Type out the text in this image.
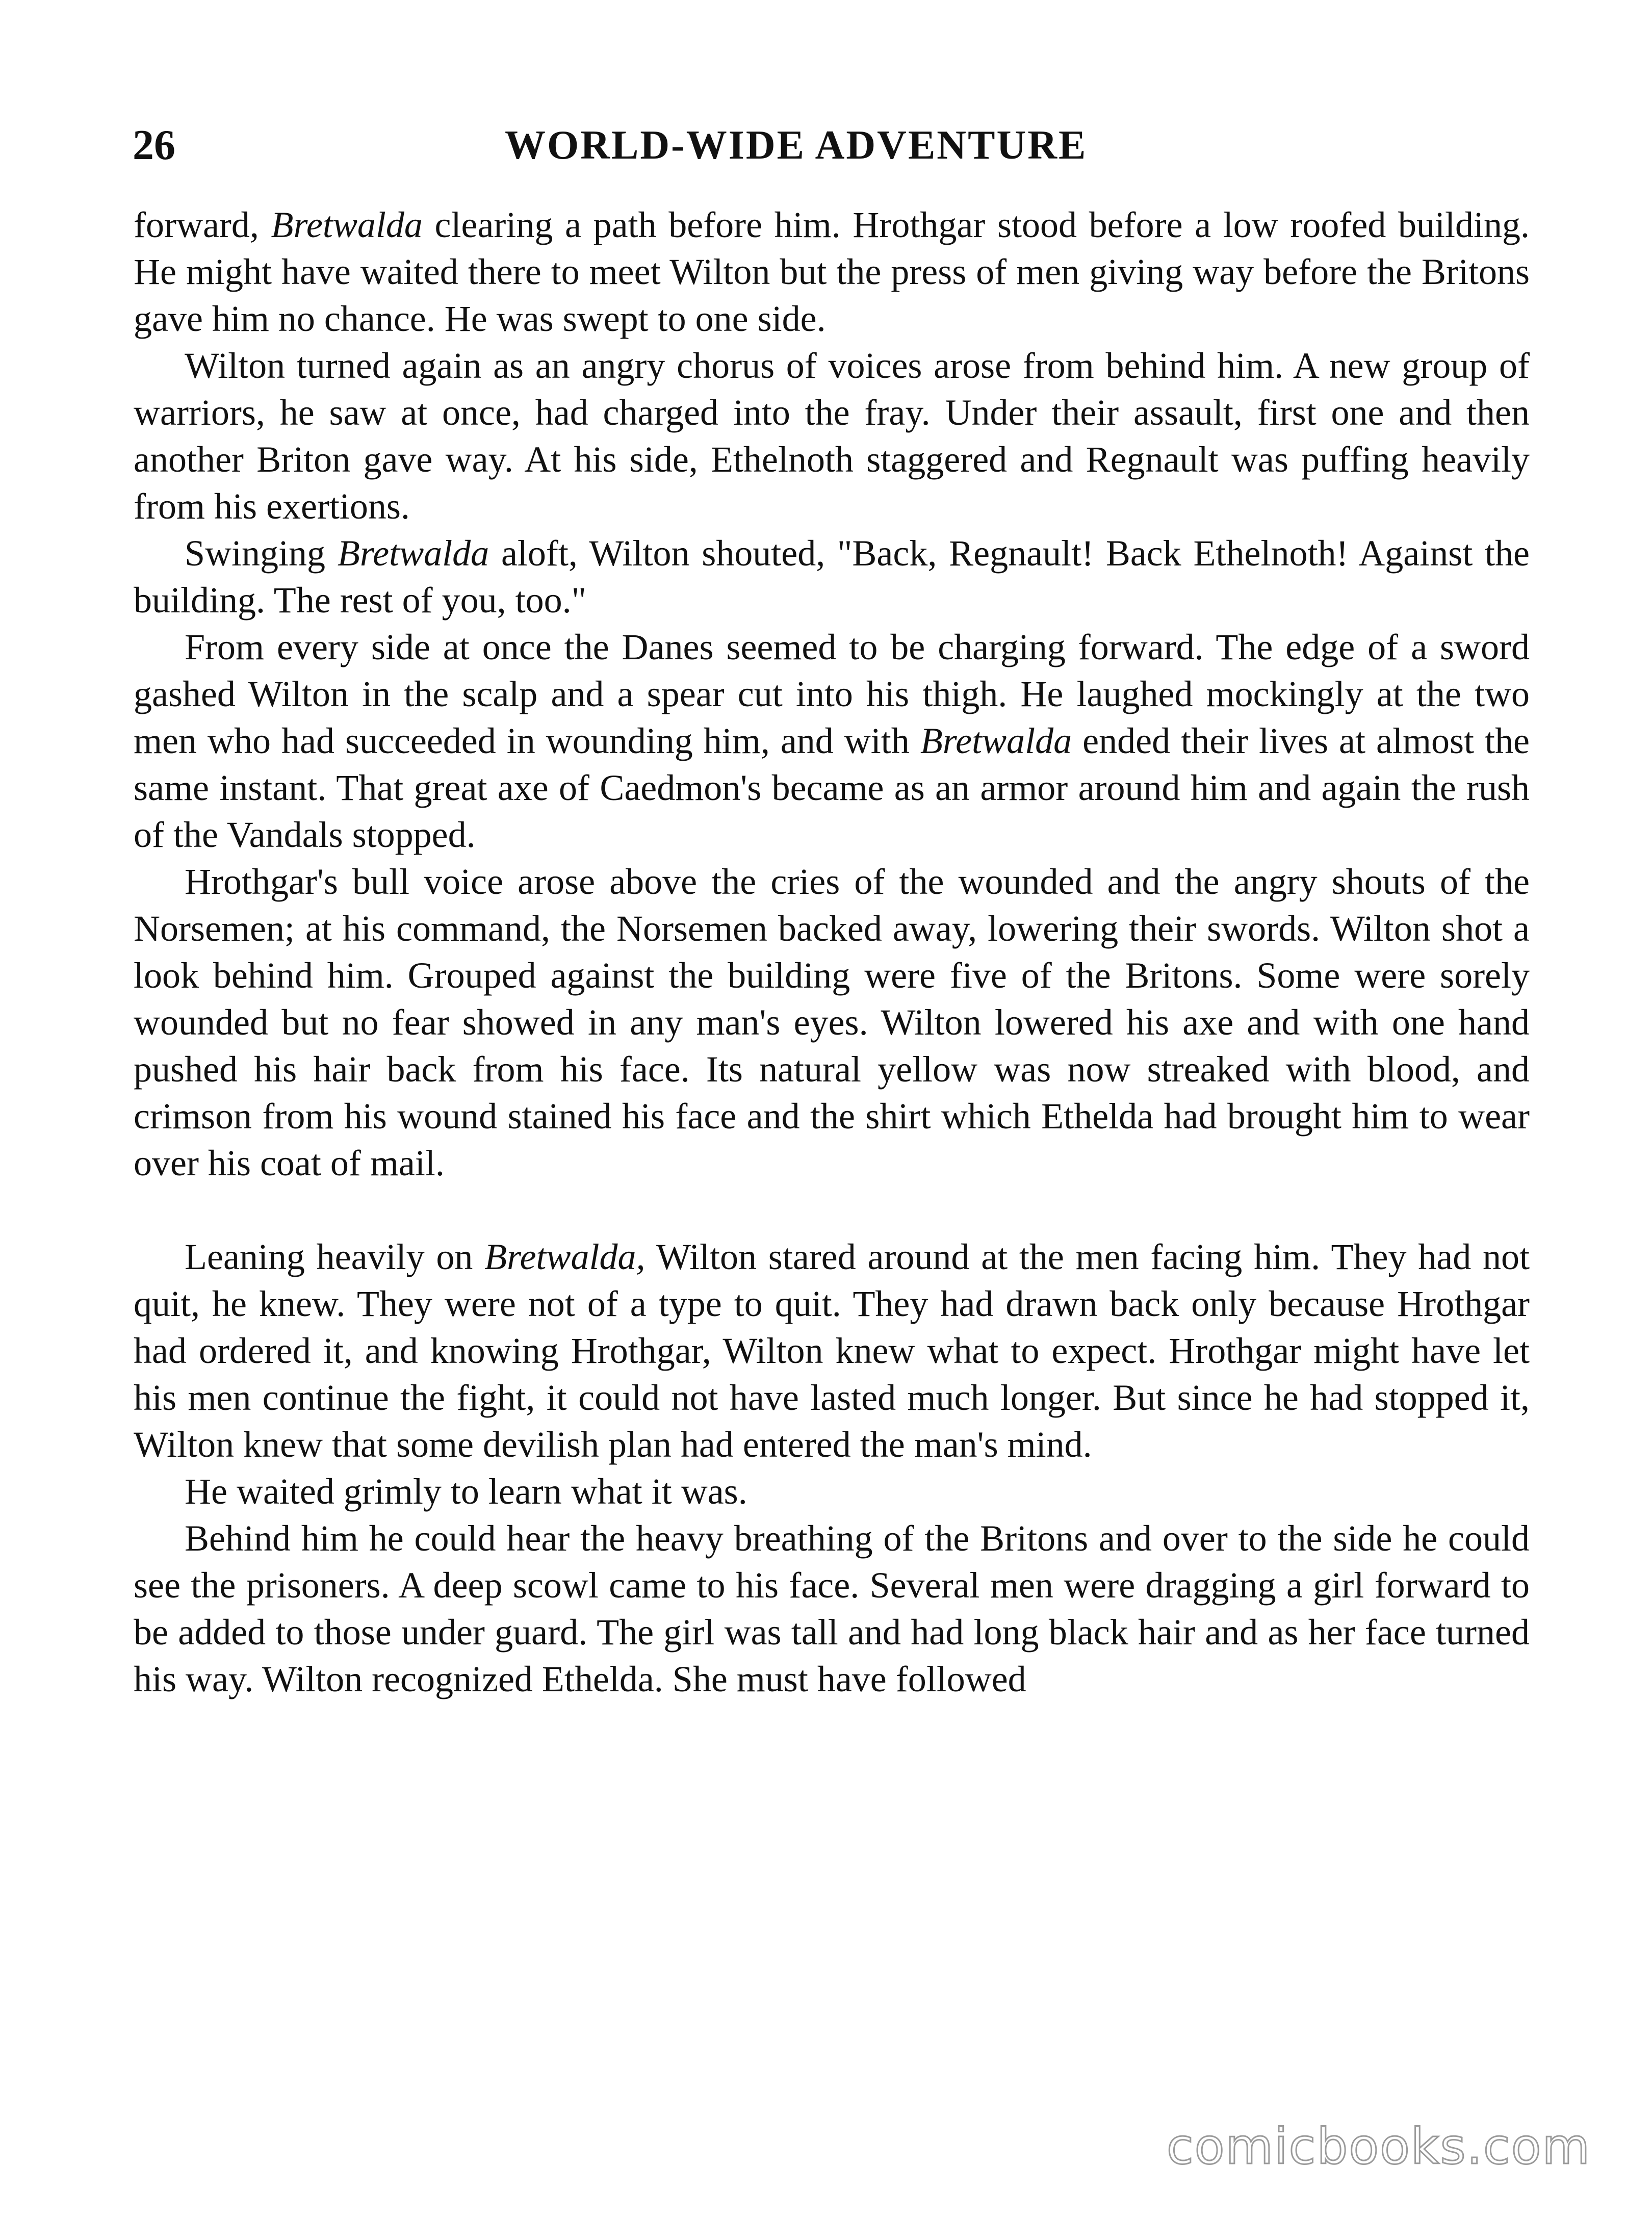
26	WORLD-WIDE ADVENTURE

forward, Bretwalda clearing a path before him. Hrothgar stood before a low roofed building. He might have waited there to meet Wilton but the press of men giving way before the Britons gave him no chance. He was swept to one side.

Wilton turned again as an angry chorus of voices arose from behind him. A new group of warriors, he saw at once, had charged into the fray. Under their assault, first one and then another Briton gave way. At his side, Ethelnoth staggered and Regnault was puffing heavily from his exertions.

Swinging Bretwalda aloft, Wilton shouted, "Back, Regnault! Back Ethelnoth! Against the building. The rest of you, too."

From every side at once the Danes seemed to be charging forward. The edge of a sword gashed Wilton in the scalp and a spear cut into his thigh. He laughed mockingly at the two men who had succeeded in wounding him, and with Bretwalda ended their lives at almost the same instant. That great axe of Caedmon's became as an armor around him and again the rush of the Vandals stopped.

Hrothgar's bull voice arose above the cries of the wounded and the angry shouts of the Norsemen; at his command, the Norsemen backed away, lowering their swords. Wilton shot a look behind him. Grouped against the building were five of the Britons. Some were sorely wounded but no fear showed in any man's eyes. Wilton lowered his axe and with one hand pushed his hair back from his face. Its natural yellow was now streaked with blood, and crimson from his wound stained his face and the shirt which Ethelda had brought him to wear over his coat of mail.

Leaning heavily on Bretwalda, Wilton stared around at the men facing him. They had not quit, he knew. They were not of a type to quit. They had drawn back only because Hrothgar had ordered it, and knowing Hrothgar, Wilton knew what to expect. Hrothgar might have let his men continue the fight, it could not have lasted much longer. But since he had stopped it, Wilton knew that some devilish plan had entered the man's mind.

He waited grimly to learn what it was.

Behind him he could hear the heavy breathing of the Britons and over to the side he could see the prisoners. A deep scowl came to his face. Several men were dragging a girl forward to be added to those under guard. The girl was tall and had long black hair and as her face turned his way. Wilton recognized Ethelda. She must have followed

comicbooks.com
